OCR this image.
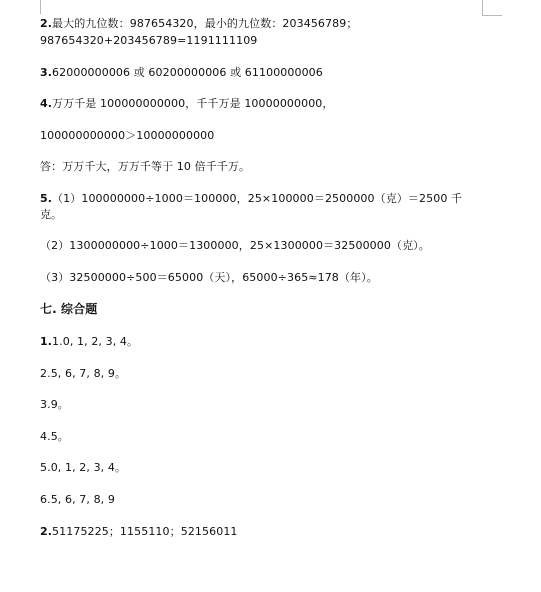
2.最大的九位数：987654320，最小的九位数：203456789；
987654320+203456789=1191111109
3.62000000006 或 60200000006 或 61100000006
4.万万千是 100000000000，千千万是 10000000000，
100000000000＞10000000000
答：万万千大，万万千等于 10 倍千千万。
5.（1）100000000÷1000＝100000，25×100000＝2500000（克）＝2500 千
克。
（2）1300000000÷1000＝1300000，25×1300000＝32500000（克）。
（3）32500000÷500＝65000（天），65000÷365≈178（年）。
七. 综合题
1.1.0, 1, 2, 3, 4。
2.5, 6, 7, 8, 9。
3.9。
4.5。
5.0, 1, 2, 3, 4。
6.5, 6, 7, 8, 9
2.51175225；1155110；52156011
